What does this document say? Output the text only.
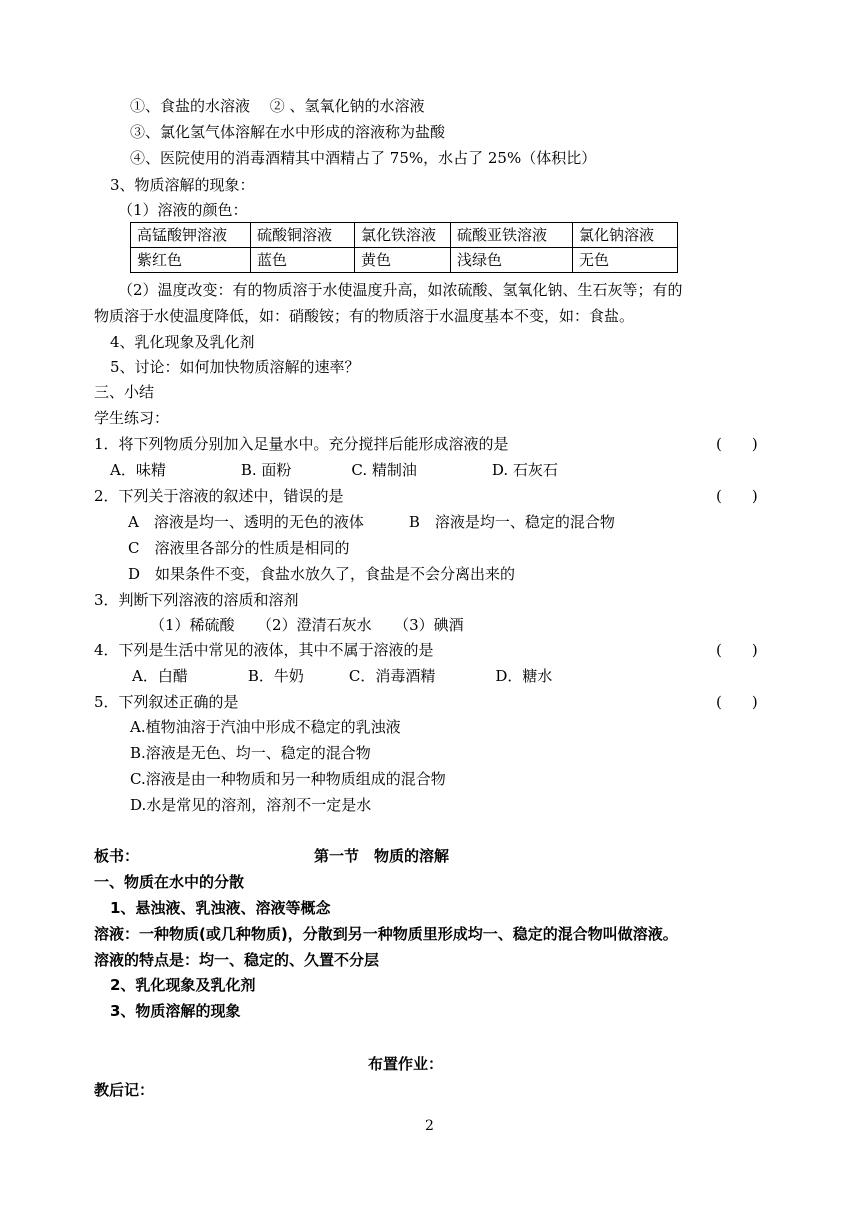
①、食盐的水溶液　 ② 、氢氧化钠的水溶液
③、氯化氢气体溶解在水中形成的溶液称为盐酸
④、医院使用的消毒酒精其中酒精占了 75%，水占了 25%（体积比）
3、物质溶解的现象：
（1）溶液的颜色：
高锰酸钾溶液	硫酸铜溶液	氯化铁溶液	硫酸亚铁溶液	氯化钠溶液
紫红色	蓝色	黄色	浅绿色	无色
（2）温度改变：有的物质溶于水使温度升高，如浓硫酸、氢氧化钠、生石灰等；有的
物质溶于水使温度降低，如：硝酸铵；有的物质溶于水温度基本不变，如：食盐。
4、乳化现象及乳化剂
5、讨论：如何加快物质溶解的速率？
三、小结
学生练习：
1．将下列物质分别加入足量水中。充分搅拌后能形成溶液的是	(　　)
A．味精　　　　　B. 面粉　　　　C. 精制油　　　　　D. 石灰石
2．下列关于溶液的叙述中，错误的是	(　　)
A　溶液是均一、透明的无色的液体　　　B　溶液是均一、稳定的混合物
C　溶液里各部分的性质是相同的
D　如果条件不变，食盐水放久了，食盐是不会分离出来的
3．判断下列溶液的溶质和溶剂
（1）稀硫酸　　（2）澄清石灰水　　（3）碘酒
4．下列是生活中常见的液体，其中不属于溶液的是	(　　)
A．白醋　　　　B．牛奶　　　C．消毒酒精　　　　D．糖水
5．下列叙述正确的是	(　　)
A.植物油溶于汽油中形成不稳定的乳浊液
B.溶液是无色、均一、稳定的混合物
C.溶液是由一种物质和另一种物质组成的混合物
D.水是常见的溶剂，溶剂不一定是水
板书：	第一节　物质的溶解
一、物质在水中的分散
1、悬浊液、乳浊液、溶液等概念
溶液：一种物质(或几种物质)，分散到另一种物质里形成均一、稳定的混合物叫做溶液。
溶液的特点是：均一、稳定的、久置不分层
2、乳化现象及乳化剂
3、物质溶解的现象
布置作业：
教后记：
2
